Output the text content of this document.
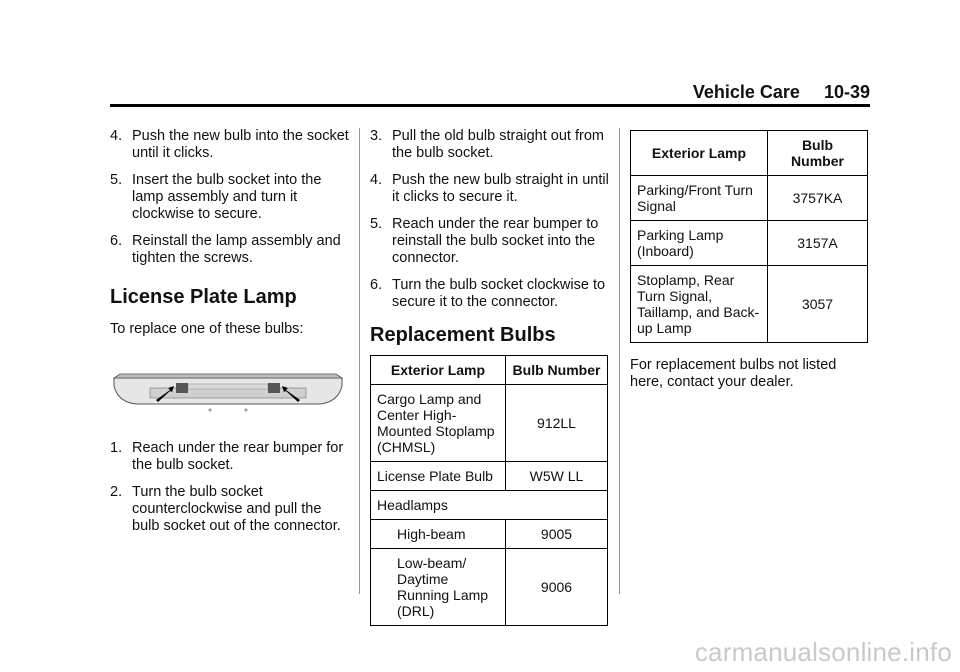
Vehicle Care 10-39
4. Push the new bulb into the socket until it clicks.
5. Insert the bulb socket into the lamp assembly and turn it clockwise to secure.
6. Reinstall the lamp assembly and tighten the screws.
License Plate Lamp
To replace one of these bulbs:
1. Reach under the rear bumper for the bulb socket.
2. Turn the bulb socket counterclockwise and pull the bulb socket out of the connector.
3. Pull the old bulb straight out from the bulb socket.
4. Push the new bulb straight in until it clicks to secure it.
5. Reach under the rear bumper to reinstall the bulb socket into the connector.
6. Turn the bulb socket clockwise to secure it to the connector.
Replacement Bulbs
Exterior Lamp	Bulb Number
Cargo Lamp and Center High-Mounted Stoplamp (CHMSL)	912LL
License Plate Bulb	W5W LL
Headlamps	
High-beam	9005
Low-beam/ Daytime Running Lamp (DRL)	9006
Exterior Lamp	Bulb Number
Parking/Front Turn Signal	3757KA
Parking Lamp (Inboard)	3157A
Stoplamp, Rear Turn Signal, Taillamp, and Back-up Lamp	3057
For replacement bulbs not listed here, contact your dealer.
carmanualsonline.info
